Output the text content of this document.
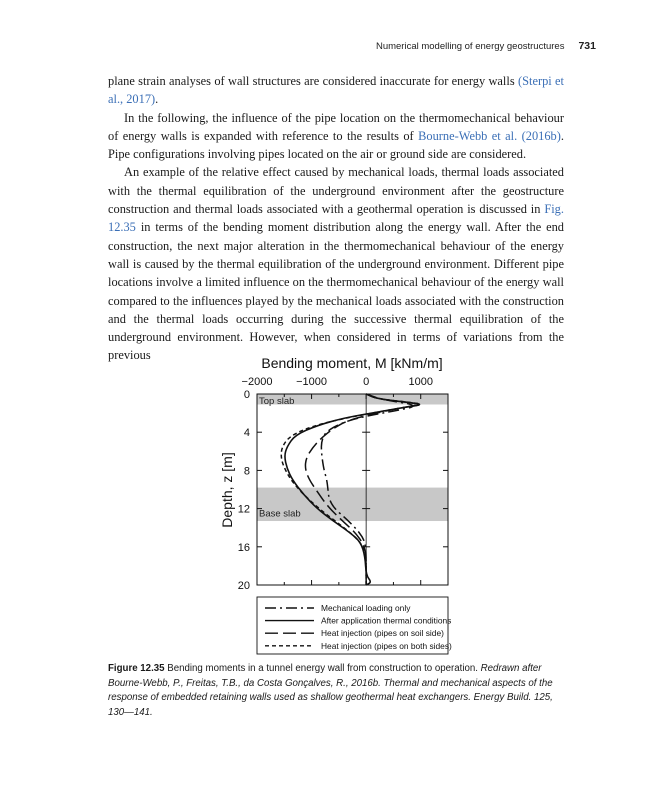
Numerical modelling of energy geostructures 731

plane strain analyses of wall structures are considered inaccurate for energy walls (Sterpi et al., 2017).

In the following, the influence of the pipe location on the thermomechanical behaviour of energy walls is expanded with reference to the results of Bourne-Webb et al. (2016b). Pipe configurations involving pipes located on the air or ground side are considered.

An example of the relative effect caused by mechanical loads, thermal loads associated with the thermal equilibration of the underground environment after the geostructure construction and thermal loads associated with a geothermal operation is discussed in Fig. 12.35 in terms of the bending moment distribution along the energy wall. After the end construction, the next major alteration in the thermomechanical behaviour of the energy wall is caused by the thermal equilibration of the underground environment. Different pipe locations involve a limited influence on the thermomechanical behaviour of the energy wall compared to the influences played by the mechanical loads associated with the construction and the thermal loads occurring during the successive thermal equilibration of the underground environment. However, when considered in terms of variations from the previous	Bending moment, M [kNm/m]
−2000 −1000	0	1000
0
4
8
12
16
20
Depth, z [m]
Top slab
Base slab
Mechanical loading only
After application thermal conditions
Heat injection (pipes on soil side)
Heat injection (pipes on both sides)
Figure 12.35 Bending moments in a tunnel energy wall from construction to operation. Redrawn after Bourne-Webb, P., Freitas, T.B., da Costa Gonçalves, R., 2016b. Thermal and mechanical aspects of the response of embedded retaining walls used as shallow geothermal heat exchangers. Energy Build. 125, 130—141.
